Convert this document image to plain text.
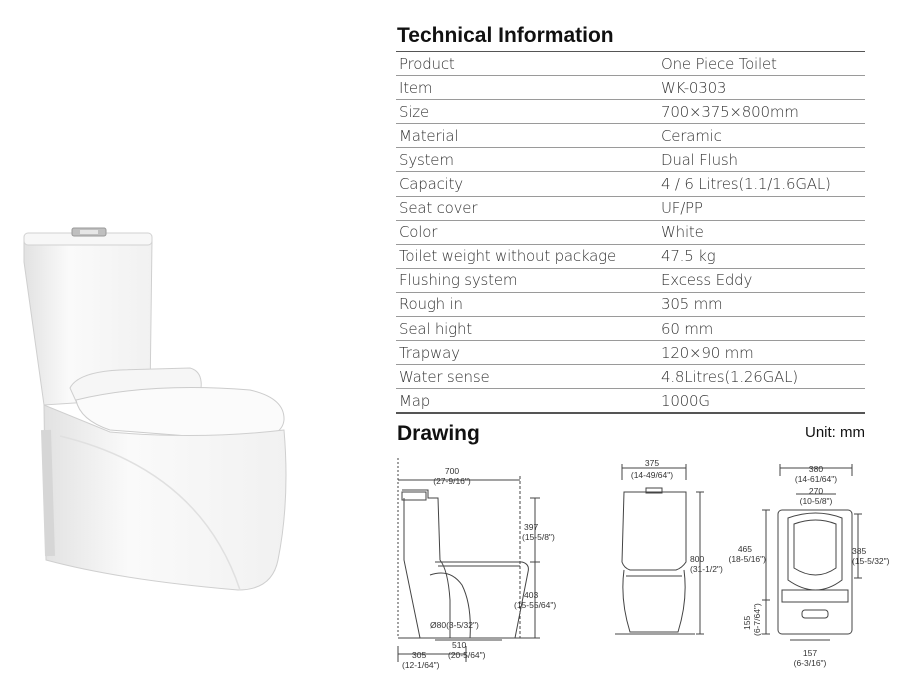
Technical Information
Product	One Piece Toilet
Item	WK-0303
Size	700×375×800mm
Material	Ceramic
System	Dual Flush
Capacity	4 / 6 Litres(1.1/1.6GAL)
Seat cover	UF/PP
Color	White
Toilet weight without package	47.5 kg
Flushing system	Excess Eddy
Rough in	305 mm
Seal hight	60 mm
Trapway	120×90 mm
Water sense	4.8Litres(1.26GAL)
Map	1000G
Drawing	Unit: mm
700
(27-9/16")
397
(15-5/8")
403
(15-55/64")
Ø80(3-5/32")
510
(20-5/64")
305
(12-1/64")
375
(14-49/64")
800
(31-1/2")
380
(14-61/64")
270
(10-5/8")
465
(18-5/16")
385
(15-5/32")
155 (6-7/64")
157
(6-3/16")
